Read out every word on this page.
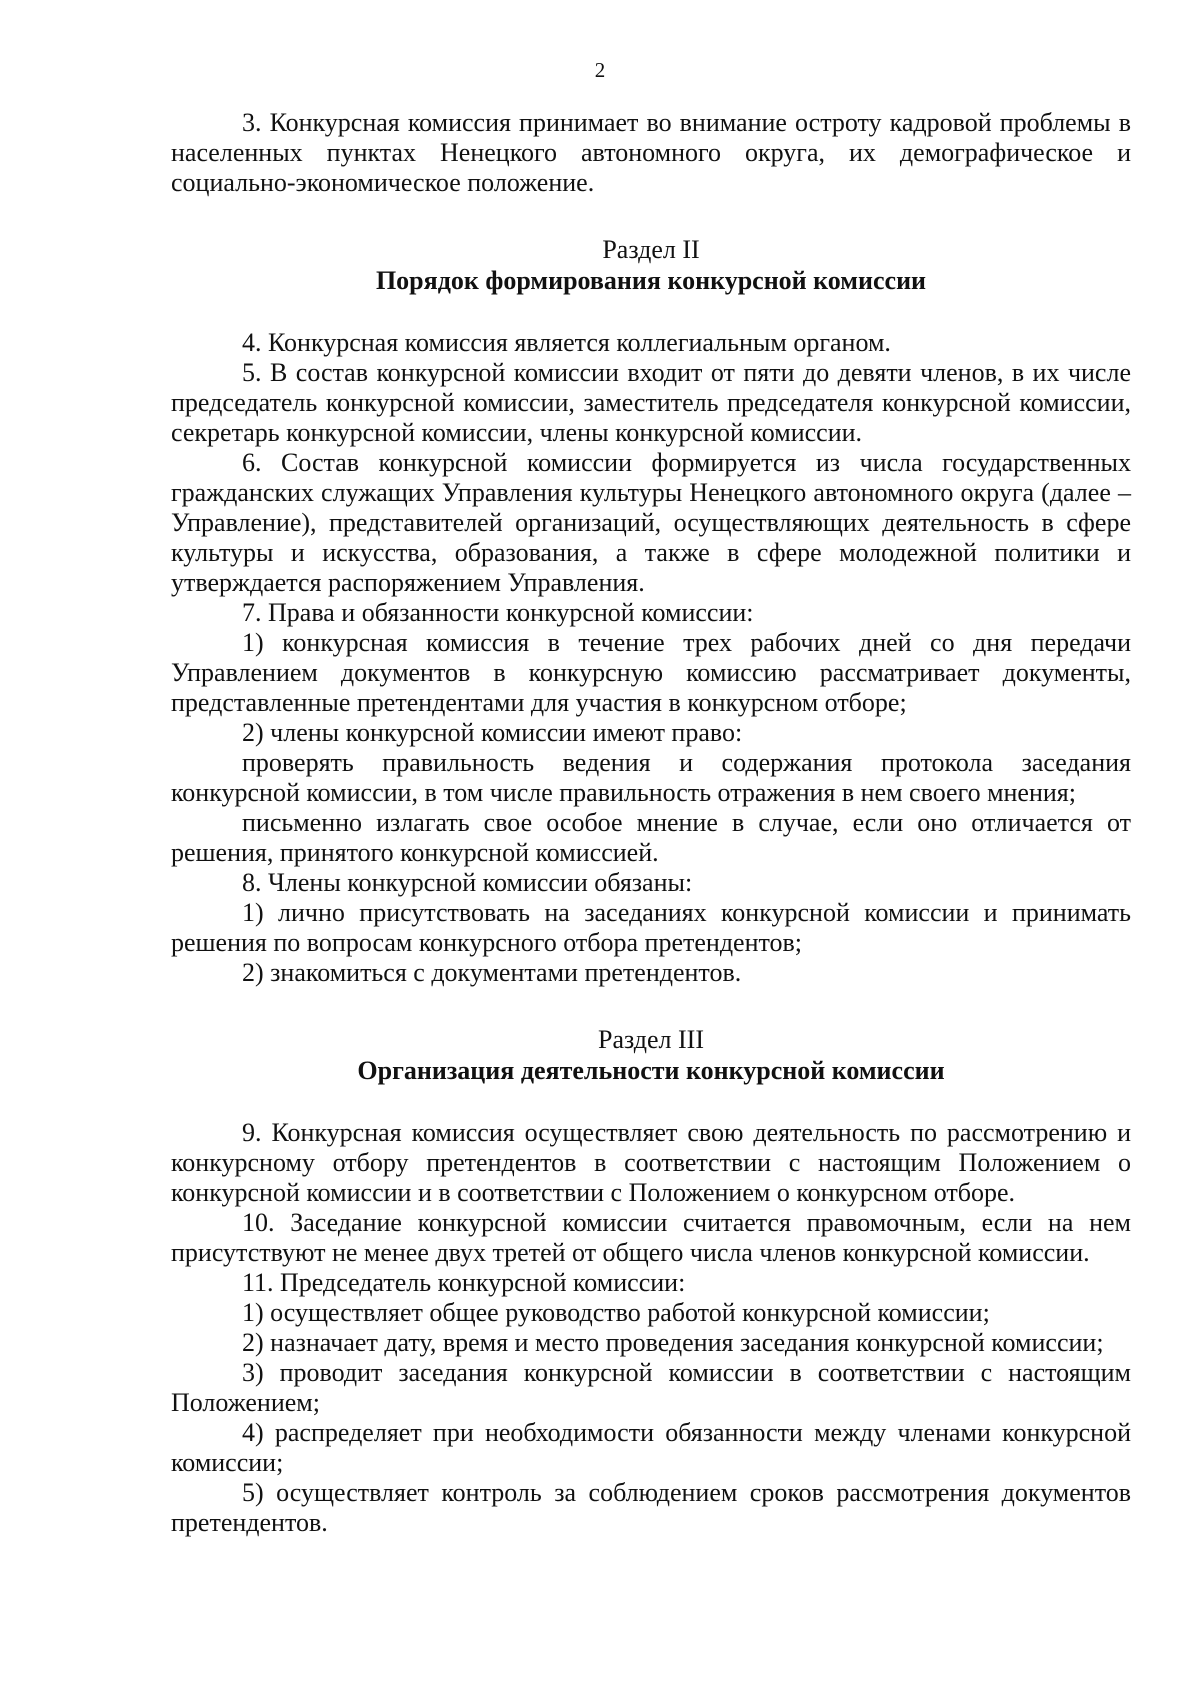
2

3. Конкурсная комиссия принимает во внимание остроту кадровой проблемы в населенных пунктах Ненецкого автономного округа, их демографическое и социально-экономическое положение.

Раздел II

Порядок формирования конкурсной комиссии

4. Конкурсная комиссия является коллегиальным органом.

5. В состав конкурсной комиссии входит от пяти до девяти членов, в их числе председатель конкурсной комиссии, заместитель председателя конкурсной комиссии, секретарь конкурсной комиссии, члены конкурсной комиссии.

6. Состав конкурсной комиссии формируется из числа государственных гражданских служащих Управления культуры Ненецкого автономного округа (далее – Управление), представителей организаций, осуществляющих деятельность в сфере культуры и искусства, образования, а также в сфере молодежной политики и утверждается распоряжением Управления.

7. Права и обязанности конкурсной комиссии:

1) конкурсная комиссия в течение трех рабочих дней со дня передачи Управлением документов в конкурсную комиссию рассматривает документы, представленные претендентами для участия в конкурсном отборе;

2) члены конкурсной комиссии имеют право:

проверять правильность ведения и содержания протокола заседания конкурсной комиссии, в том числе правильность отражения в нем своего мнения;

письменно излагать свое особое мнение в случае, если оно отличается от решения, принятого конкурсной комиссией.

8. Члены конкурсной комиссии обязаны:

1) лично присутствовать на заседаниях конкурсной комиссии и принимать решения по вопросам конкурсного отбора претендентов;

2) знакомиться с документами претендентов.

Раздел III

Организация деятельности конкурсной комиссии

9. Конкурсная комиссия осуществляет свою деятельность по рассмотрению и конкурсному отбору претендентов в соответствии с настоящим Положением о конкурсной комиссии и в соответствии с Положением о конкурсном отборе.

10. Заседание конкурсной комиссии считается правомочным, если на нем присутствуют не менее двух третей от общего числа членов конкурсной комиссии.

11. Председатель конкурсной комиссии:

1) осуществляет общее руководство работой конкурсной комиссии;

2) назначает дату, время и место проведения заседания конкурсной комиссии;

3) проводит заседания конкурсной комиссии в соответствии с настоящим Положением;

4) распределяет при необходимости обязанности между членами конкурсной комиссии;

5) осуществляет контроль за соблюдением сроков рассмотрения документов претендентов.
